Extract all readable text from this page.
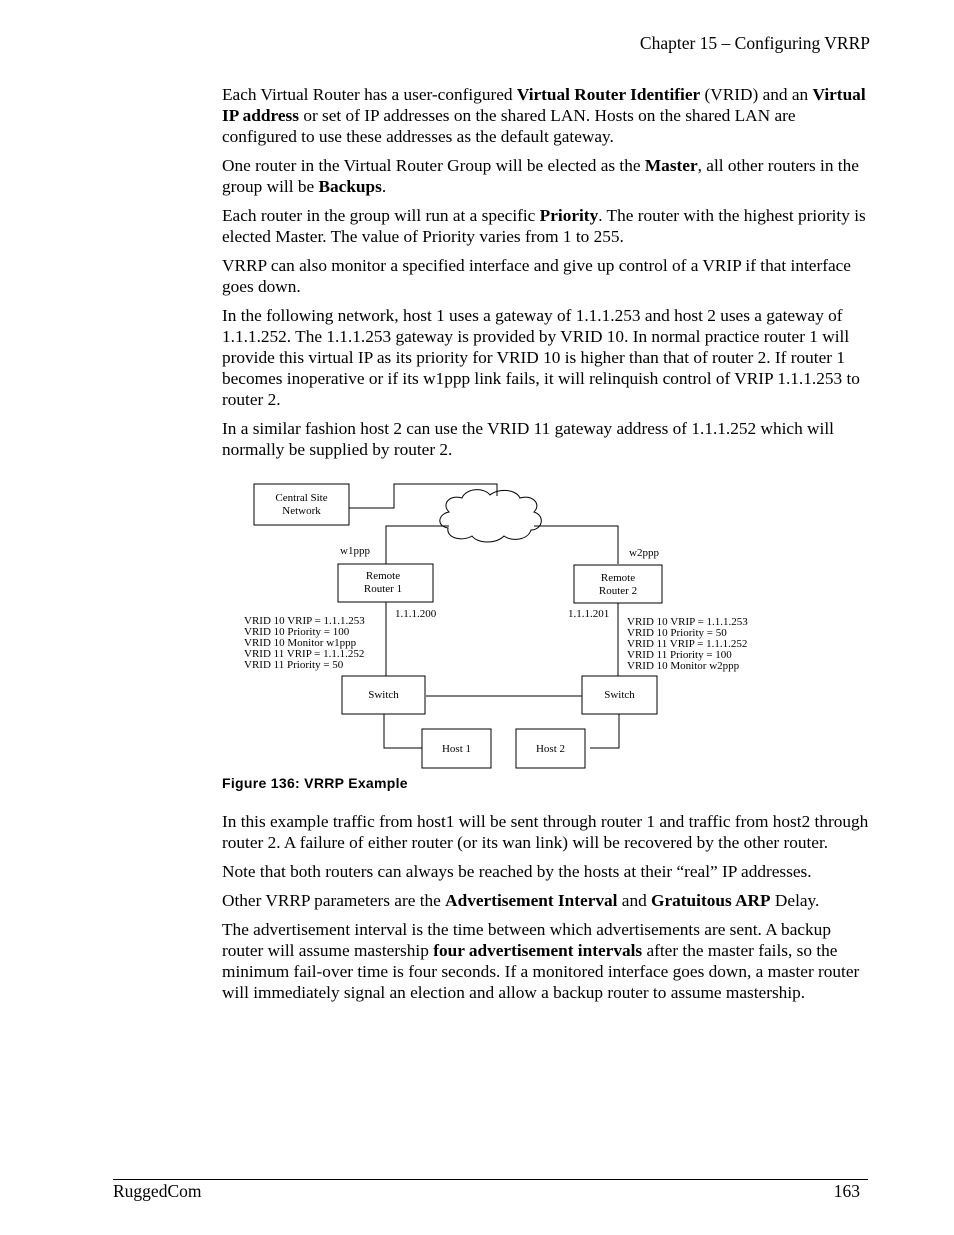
Chapter 15 – Configuring VRRP

Each Virtual Router has a user-configured Virtual Router Identifier (VRID) and an Virtual IP address or set of IP addresses on the shared LAN. Hosts on the shared LAN are configured to use these addresses as the default gateway.

One router in the Virtual Router Group will be elected as the Master, all other routers in the group will be Backups.

Each router in the group will run at a specific Priority. The router with the highest priority is elected Master. The value of Priority varies from 1 to 255.

VRRP can also monitor a specified interface and give up control of a VRIP if that interface goes down.

In the following network, host 1 uses a gateway of 1.1.1.253 and host 2 uses a gateway of 1.1.1.252. The 1.1.1.253 gateway is provided by VRID 10. In normal practice router 1 will provide this virtual IP as its priority for VRID 10 is higher than that of router 2. If router 1 becomes inoperative or if its w1ppp link fails, it will relinquish control of VRIP 1.1.1.253 to router 2.

In a similar fashion host 2 can use the VRID 11 gateway address of 1.1.1.252 which will normally be supplied by router 2.

Central Site
Network
w1ppp	w2ppp
Remote
Router 1
Remote
Router 2
1.1.1.200	1.1.1.201
VRID 10 VRIP = 1.1.1.253
VRID 10 Priority = 100
VRID 10 Monitor w1ppp
VRID 11 VRIP = 1.1.1.252
VRID 11 Priority = 50
VRID 10 VRIP = 1.1.1.253
VRID 10 Priority = 50
VRID 11 VRIP = 1.1.1.252
VRID 11 Priority = 100
VRID 10 Monitor w2ppp
Switch	Switch
Host 1	Host 2
Figure 136: VRRP Example

In this example traffic from host1 will be sent through router 1 and traffic from host2 through router 2. A failure of either router (or its wan link) will be recovered by the other router.

Note that both routers can always be reached by the hosts at their “real” IP addresses.

Other VRRP parameters are the Advertisement Interval and Gratuitous ARP Delay.

The advertisement interval is the time between which advertisements are sent. A backup router will assume mastership four advertisement intervals after the master fails, so the minimum fail-over time is four seconds. If a monitored interface goes down, a master router will immediately signal an election and allow a backup router to assume mastership.

RuggedCom	163
